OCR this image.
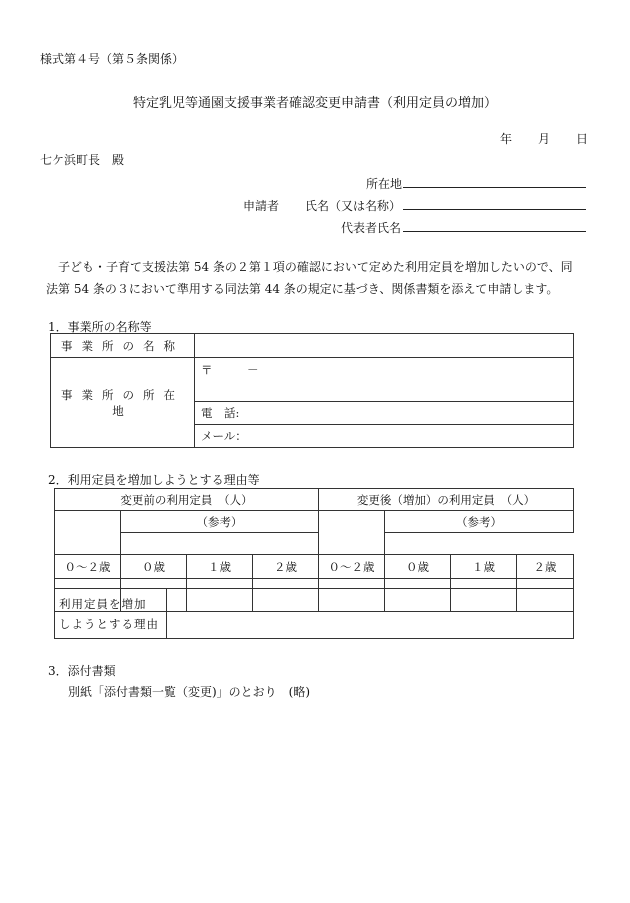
様式第４号（第５条関係）
特定乳児等通園支援事業者確認変更申請書（利用定員の増加）
年 月 日
七ケ浜町長　殿
所在地
申請者 氏名（又は名称）
代表者氏名
子ども・子育て支援法第 54 条の２第１項の確認において定めた利用定員を増加したいので、同
法第 54 条の３において準用する同法第 44 条の規定に基づき、関係書類を添えて申請します。
1．事業所の名称等
事業所の名称	
事業所の所在地	〒　　　－
	電　話:
	メール：
2．利用定員を増加しようとする理由等
変更前の利用定員　（人）				変更後（増加）の利用定員　（人）			
	（参考）				（参考）		

０～２歳	０歳	１歳	２歳	０～２歳	０歳	１歳	２歳

利用定員を増加
しようとする理由

3．添付書類
別紙「添付書類一覧（変更)」のとおり　(略)
